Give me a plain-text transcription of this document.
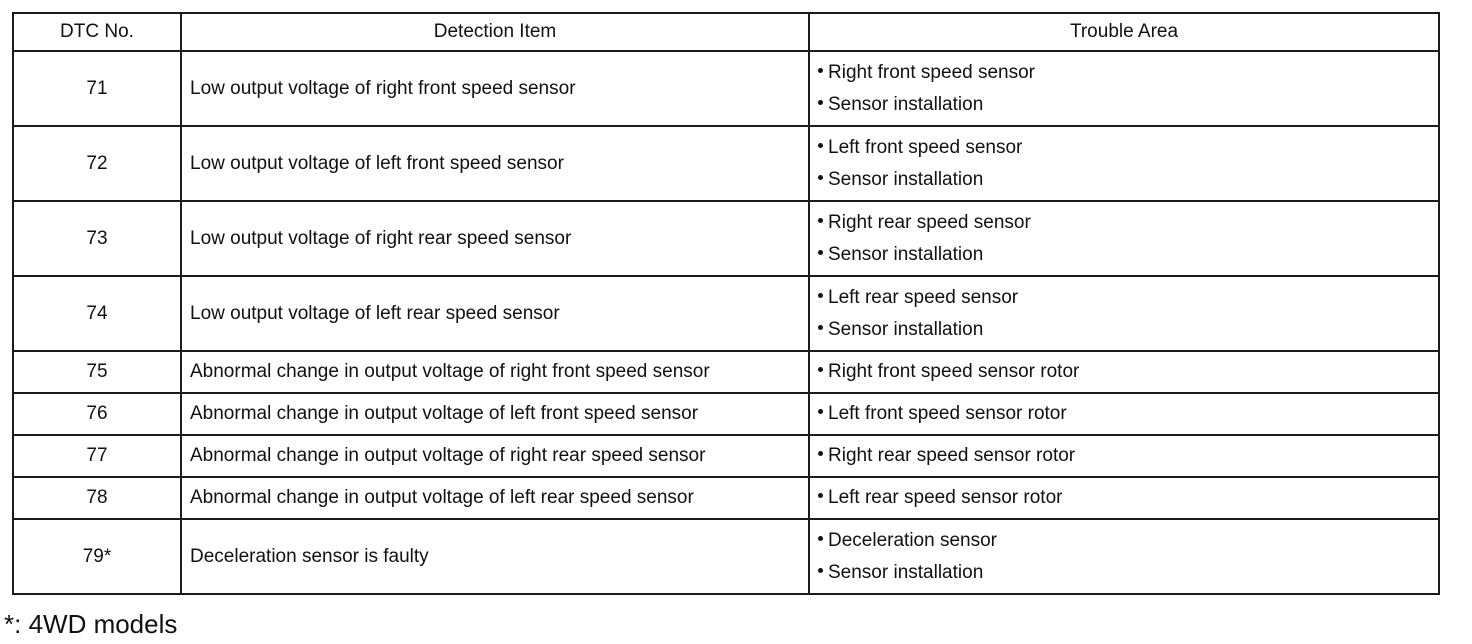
DTC No.	Detection Item	Trouble Area
71	Low output voltage of right front speed sensor	Right front speed sensor
Sensor installation

72	Low output voltage of left front speed sensor	Left front speed sensor
Sensor installation

73	Low output voltage of right rear speed sensor	Right rear speed sensor
Sensor installation

74	Low output voltage of left rear speed sensor	Left rear speed sensor
Sensor installation

75	Abnormal change in output voltage of right front speed sensor	Right front speed sensor rotor

76	Abnormal change in output voltage of left front speed sensor	Left front speed sensor rotor

77	Abnormal change in output voltage of right rear speed sensor	Right rear speed sensor rotor

78	Abnormal change in output voltage of left rear speed sensor	Left rear speed sensor rotor

79*	Deceleration sensor is faulty	Deceleration sensor
Sensor installation
*: 4WD models
